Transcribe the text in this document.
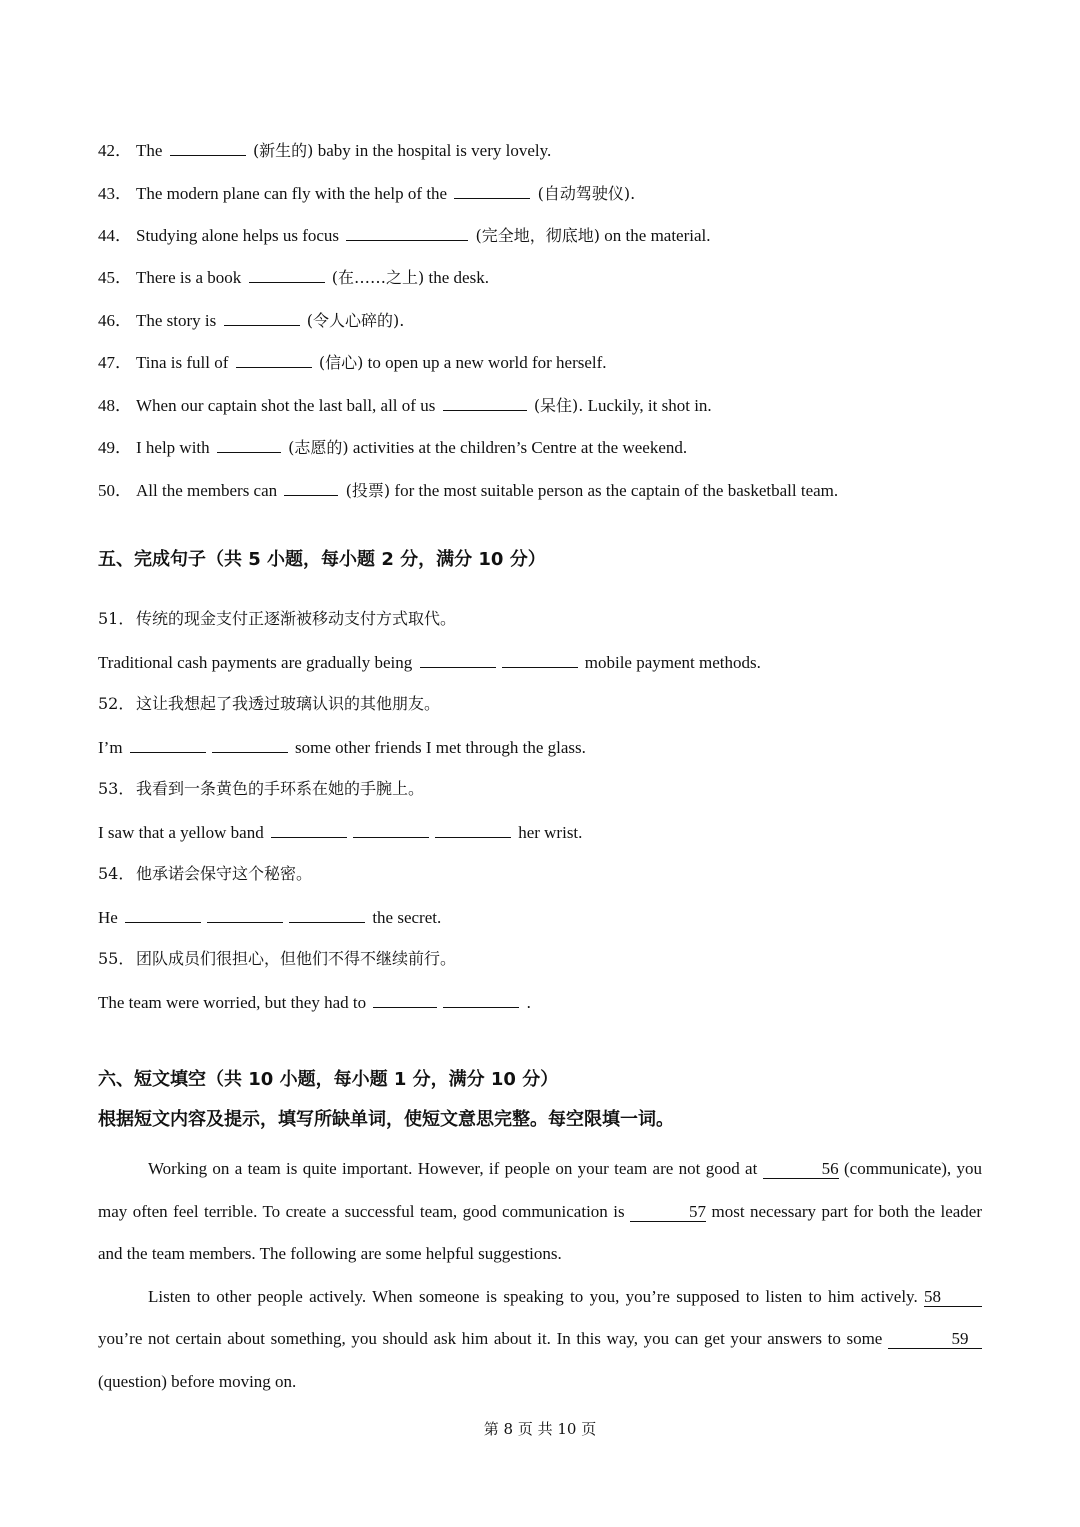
42． The	(新生的) baby in the hospital is very lovely.
43． The modern plane can fly with the help of the	(自动驾驶仪).
44． Studying alone helps us focus	(完全地，彻底地) on the material.
45． There is a book	(在……之上) the desk.
46． The story is	(令人心碎的).
47． Tina is full of	(信心) to open up a new world for herself.
48． When our captain shot the last ball, all of us	(呆住). Luckily, it shot in.
49． I help with	(志愿的) activities at the children’s Centre at the weekend.
50． All the members can	(投票) for the most suitable person as the captain of the basketball team.
五、完成句子（共 5 小题，每小题 2 分，满分 10 分）
51． 传统的现金支付正逐渐被移动支付方式取代。
Traditional cash payments are gradually being	mobile payment methods.
52． 这让我想起了我透过玻璃认识的其他朋友。
I’m	some other friends I met through the glass.
53． 我看到一条黄色的手环系在她的手腕上。
I saw that a yellow band	her wrist.
54． 他承诺会保守这个秘密。
He	the secret.
55． 团队成员们很担心，但他们不得不继续前行。
The team were worried, but they had to	.
六、短文填空（共 10 小题，每小题 1 分，满分 10 分）
根据短文内容及提示，填写所缺单词，使短文意思完整。每空限填一词。

Working on a team is quite important. However, if people on your team are not good at	56 (communicate), you may often feel terrible. To create a successful team, good communication is	57 most necessary part for both the leader and the team members. The following are some helpful suggestions.

Listen to other people actively. When someone is speaking to you, you’re supposed to listen to him actively. 58 you’re not certain about something, you should ask him about it. In this way, you can get your answers to some	59 (question) before moving on.

第 8 页 共 10 页
